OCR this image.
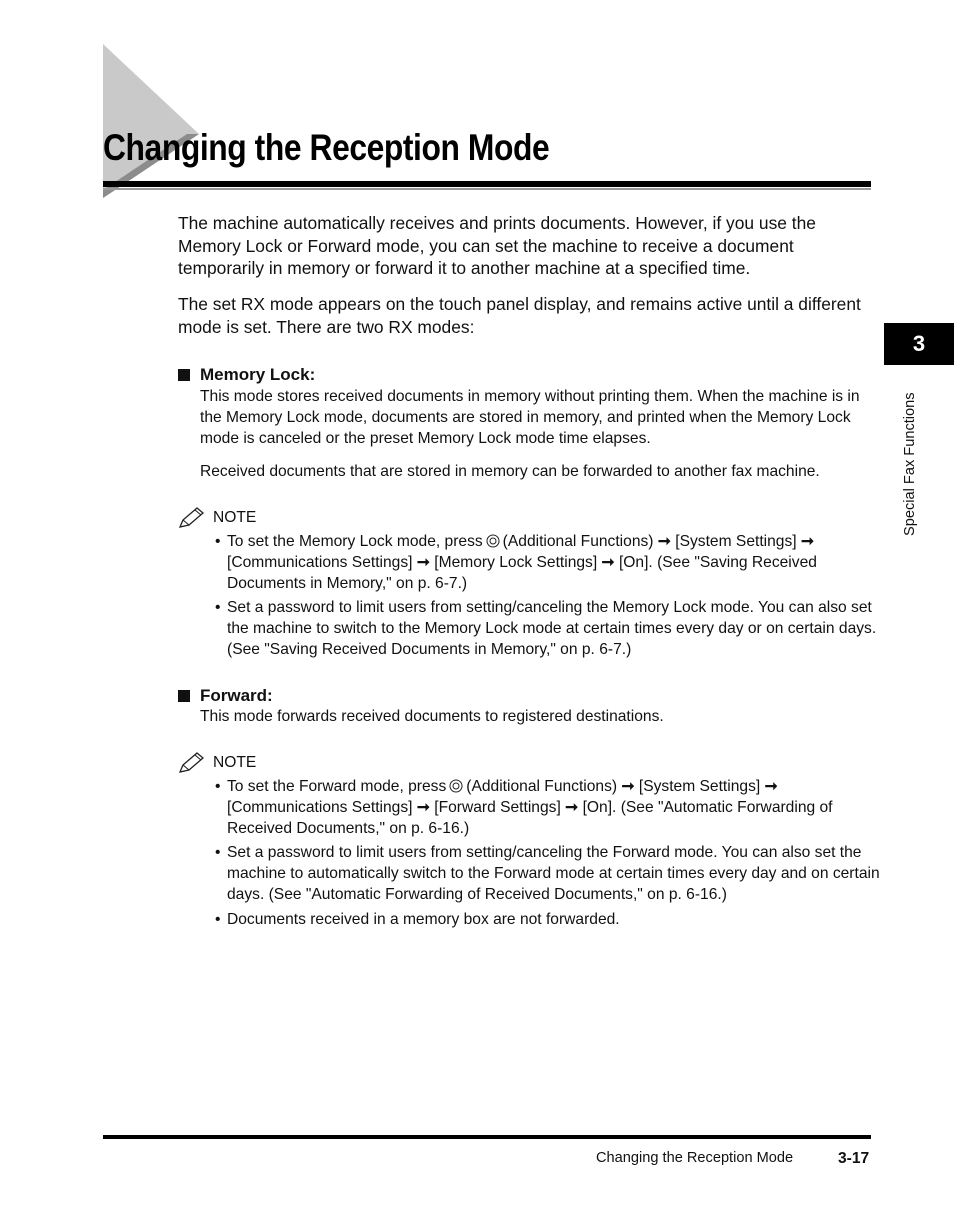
Changing the Reception Mode

The machine automatically receives and prints documents. However, if you use the Memory Lock or Forward mode, you can set the machine to receive a document temporarily in memory or forward it to another machine at a specified time.

The set RX mode appears on the touch panel display, and remains active until a different mode is set. There are two RX modes:

Memory Lock:

This mode stores received documents in memory without printing them. When the machine is in the Memory Lock mode, documents are stored in memory, and printed when the Memory Lock mode is canceled or the preset Memory Lock mode time elapses.

Received documents that are stored in memory can be forwarded to another fax machine.

NOTE

• To set the Memory Lock mode, press (Additional Functions) ➞ [System Settings] ➞ [Communications Settings] ➞ [Memory Lock Settings] ➞ [On]. (See "Saving Received Documents in Memory," on p. 6-7.)

• Set a password to limit users from setting/canceling the Memory Lock mode. You can also set the machine to switch to the Memory Lock mode at certain times every day or on certain days. (See "Saving Received Documents in Memory," on p. 6-7.)

Forward:

This mode forwards received documents to registered destinations.

NOTE

• To set the Forward mode, press (Additional Functions) ➞ [System Settings] ➞ [Communications Settings] ➞ [Forward Settings] ➞ [On]. (See "Automatic Forwarding of Received Documents," on p. 6-16.)

• Set a password to limit users from setting/canceling the Forward mode. You can also set the machine to automatically switch to the Forward mode at certain times every day and on certain days. (See "Automatic Forwarding of Received Documents," on p. 6-16.)

• Documents received in a memory box are not forwarded.

3
Special Fax Functions
Changing the Reception Mode	3-17
